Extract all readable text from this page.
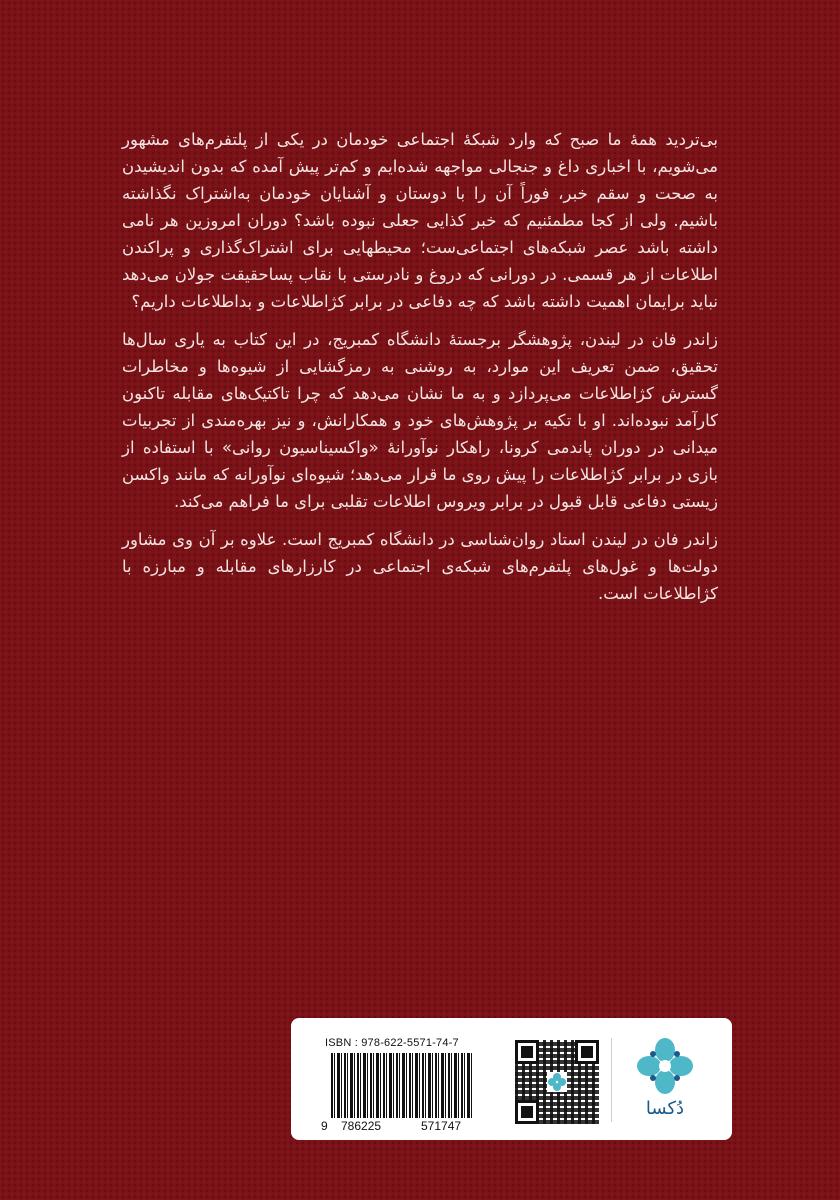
بی‌تردید همهٔ ما صبح که وارد شبکهٔ اجتماعی خودمان در یکی از پلتفرم‌های مشهور می‌شویم، با اخباری داغ و جنجالی مواجهه شده‌ایم و کم‌تر پیش آمده که بدون اندیشیدن به صحت و سقم خبر، فوراً آن را با دوستان و آشنایان خودمان به‌اشتراک نگذاشته باشیم. ولی از کجا مطمئنیم که خبر کذایی جعلی نبوده باشد؟ دوران امروزین هر نامی داشته باشد عصر شبکه‌های اجتماعی‌ست؛ محیطهایی برای اشتراک‌گذاری و پراکندن اطلاعات از هر قسمی. در دورانی که دروغ و نادرستی با نقاب پساحقیقت جولان می‌دهد نباید برایمان اهمیت داشته باشد که چه دفاعی در برابر کژاطلاعات و بداطلاعات داریم؟

زاندر فان در لیندن، پژوهشگر برجستهٔ دانشگاه کمبریج، در این کتاب به یاری سال‌ها تحقیق، ضمن تعریف این موارد، به روشنی به رمزگشایی از شیوه‌ها و مخاطرات گسترش کژاطلاعات می‌پردازد و به ما نشان می‌دهد که چرا تاکتیک‌های مقابله تاکنون کارآمد نبوده‌اند. او با تکیه بر پژوهش‌های خود و همکارانش، و نیز بهره‌مندی از تجربیات میدانی در دوران پاندمی کرونا، راهکار نوآورانهٔ «واکسیناسیون روانی» با استفاده از بازی در برابر کژاطلاعات را پیش روی ما قرار می‌دهد؛ شیوه‌ای نوآورانه که مانند واکسن زیستی دفاعی قابل قبول در برابر ویروس اطلاعات تقلبی برای ما فراهم می‌کند.

زاندر فان در لیندن استاد روان‌شناسی در دانشگاه کمبریج است. علاوه بر آن وی مشاور دولت‌ها و غول‌های پلتفرم‌های شبکه‌ی اجتماعی در کارزارهای مقابله و مبارزه با کژاطلاعات است.

ISBN : 978-622-5571-74-7
9 786225	571747
دُکسا
